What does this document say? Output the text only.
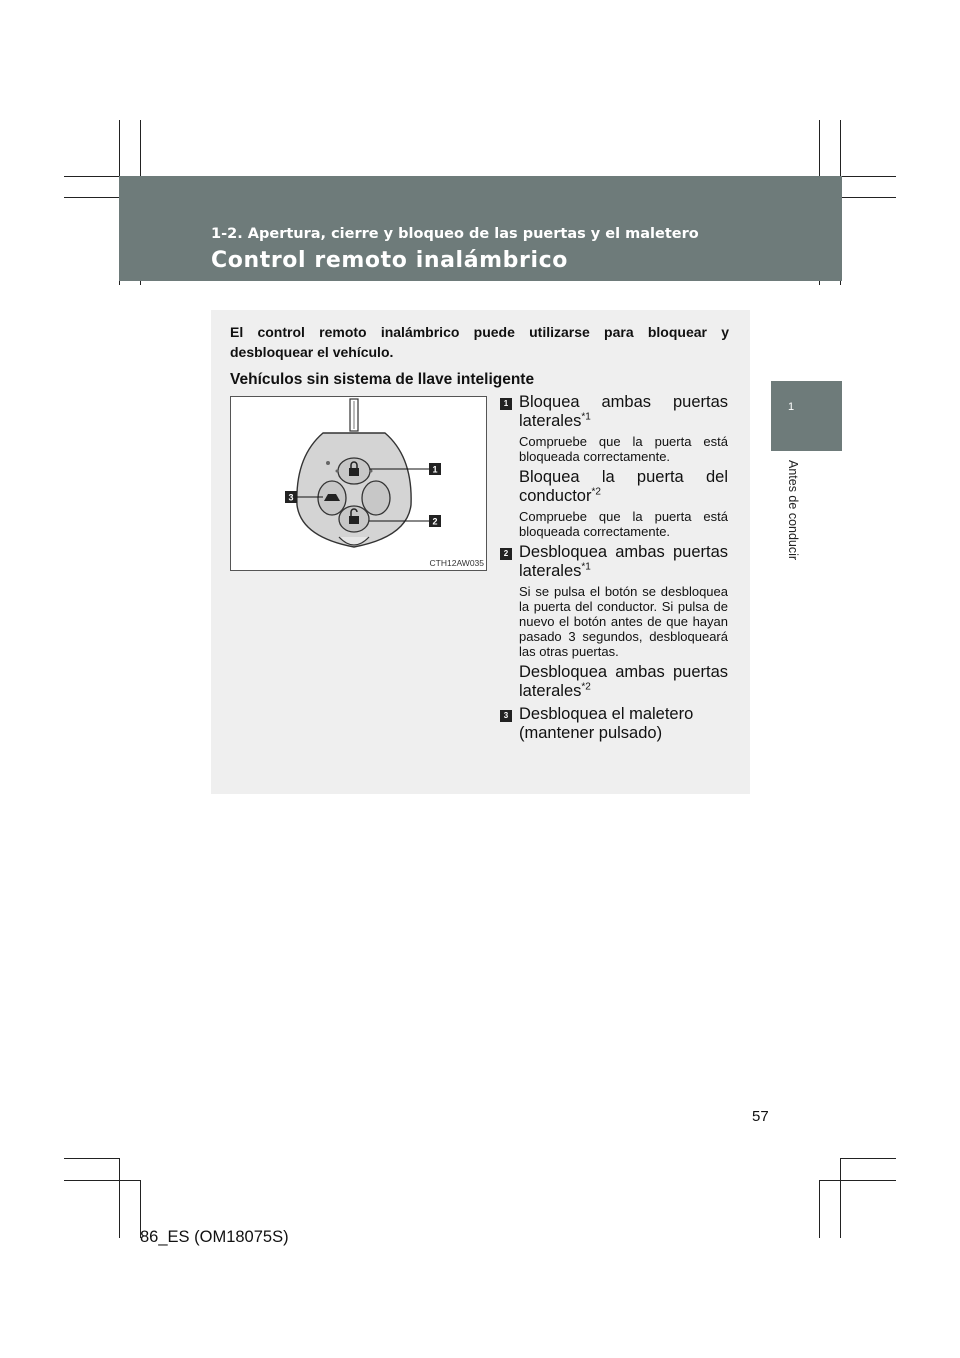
1-2. Apertura, cierre y bloqueo de las puertas y el maletero
Control remoto inalámbrico
1
Antes de conducir
El control remoto inalámbrico puede utilizarse para bloquear y desbloquear el vehículo.
Vehículos sin sistema de llave inteligente
1
2
3
CTH12AW035
1 Bloquea ambas puertas laterales$^{*1}$
Compruebe que la puerta está bloqueada correctamente.
Bloquea la puerta del conductor$^{*2}$
Compruebe que la puerta está bloqueada correctamente.
2 Desbloquea ambas puertas laterales$^{*1}$
Si se pulsa el botón se desbloquea la puerta del conductor. Si pulsa de nuevo el botón antes de que hayan pasado 3 segundos, desbloqueará las otras puertas.
Desbloquea ambas puertas laterales$^{*2}$
3 Desbloquea el maletero (mantener pulsado)
57
86_ES (OM18075S)
